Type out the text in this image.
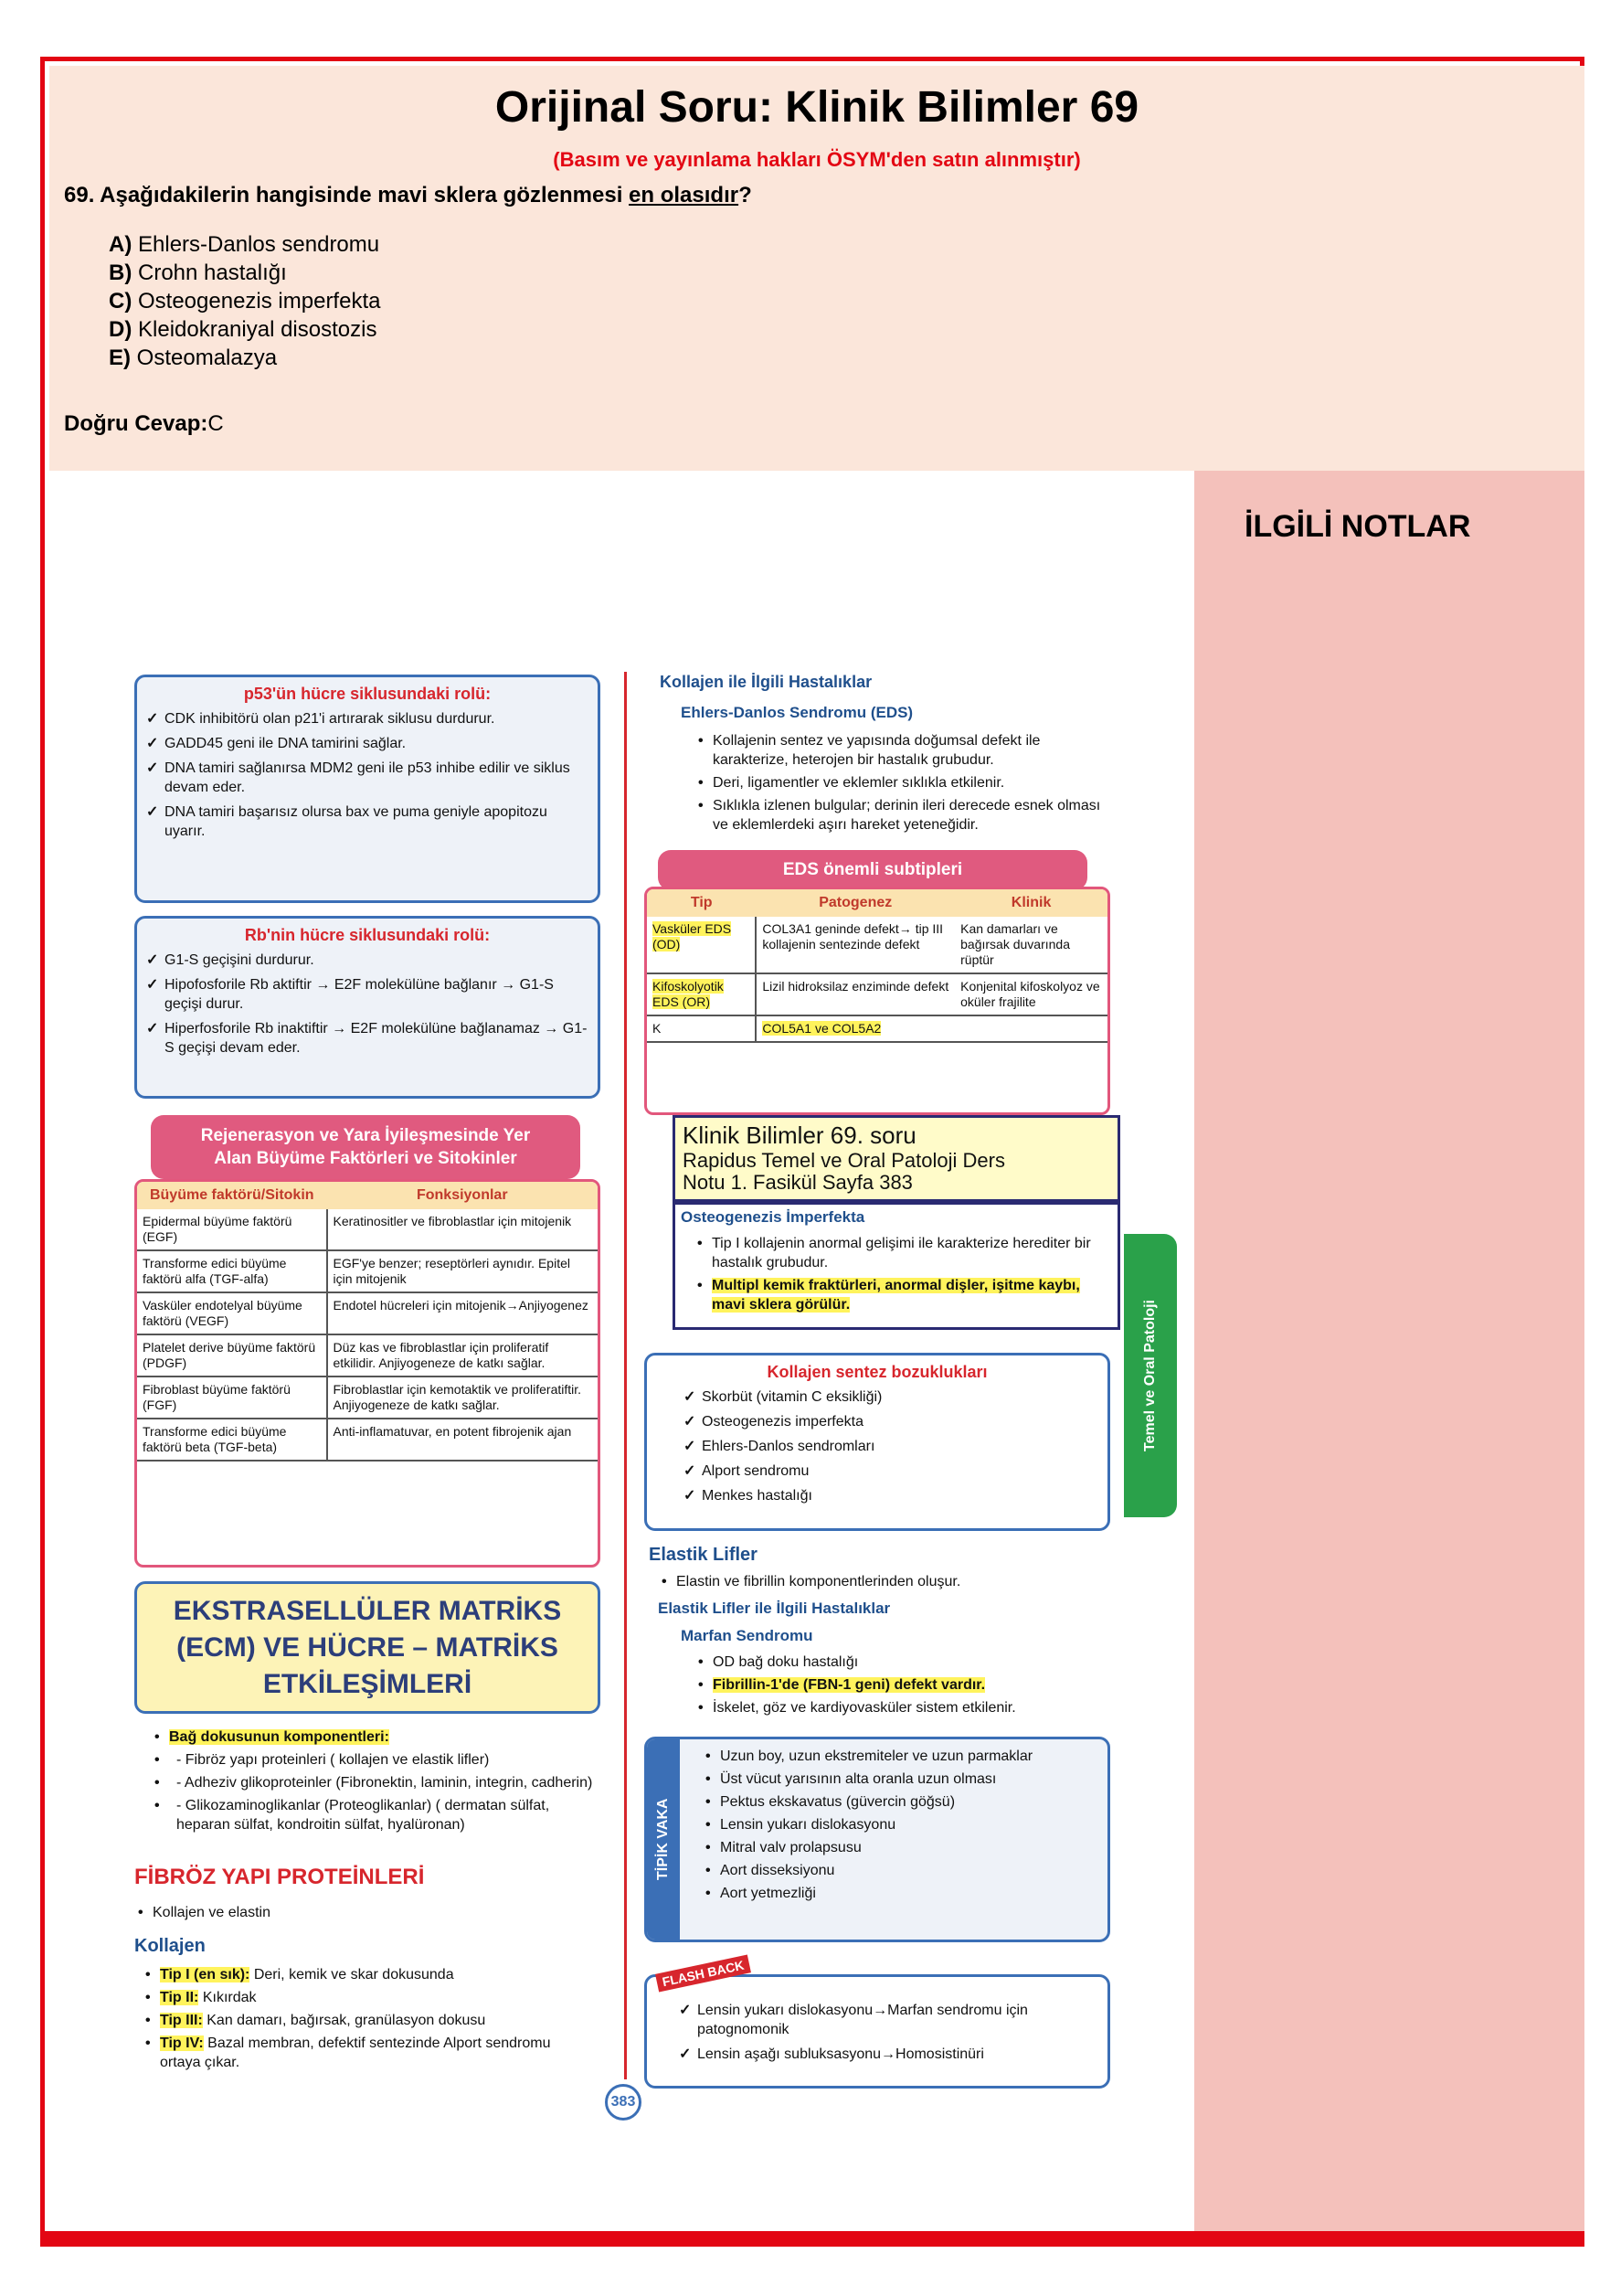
Orijinal Soru: Klinik Bilimler 69
(Basım ve yayınlama hakları ÖSYM'den satın alınmıştır)
69. Aşağıdakilerin hangisinde mavi sklera gözlenmesi en olasıdır?
A) Ehlers-Danlos sendromu
B) Crohn hastalığı
C) Osteogenezis imperfekta
D) Kleidokraniyal disostozis
E) Osteomalazya
Doğru Cevap:C
İLGİLİ NOTLAR
p53'ün hücre siklusundaki rolü:
✓ CDK inhibitörü olan p21'i artırarak siklusu durdurur.
✓ GADD45 geni ile DNA tamirini sağlar.
✓ DNA tamiri sağlanırsa MDM2 geni ile p53 inhibe edilir ve siklus devam eder.
✓ DNA tamiri başarısız olursa bax ve puma geniyle apopitozu uyarır.
Rb'nin hücre siklusundaki rolü:
✓ G1-S geçişini durdurur.
✓ Hipofosforile Rb aktiftir → E2F molekülüne bağlanır → G1-S geçişi durur.
✓ Hiperfosforile Rb inaktiftir → E2F molekülüne bağlanamaz → G1-S geçişi devam eder.
Rejenerasyon ve Yara İyileşmesinde Yer
Alan Büyüme Faktörleri ve Sitokinler
Büyüme faktörü/Sitokin	Fonksiyonlar
Epidermal büyüme faktörü (EGF)	Keratinositler ve fibroblastlar için mitojenik
Transforme edici büyüme faktörü alfa (TGF-alfa)	EGF'ye benzer; reseptörleri aynıdır. Epitel için mitojenik
Vasküler endotelyal büyüme faktörü (VEGF)	Endotel hücreleri için mitojenik→Anjiyogenez
Platelet derive büyüme faktörü (PDGF)	Düz kas ve fibroblastlar için proliferatif etkilidir. Anjiyogeneze de katkı sağlar.
Fibroblast büyüme faktörü (FGF)	Fibroblastlar için kemotaktik ve proliferatiftir. Anjiyogeneze de katkı sağlar.
Transforme edici büyüme faktörü beta (TGF-beta)	Anti-inflamatuvar, en potent fibrojenik ajan
EKSTRASELLÜLER MATRİKS
(ECM) VE HÜCRE – MATRİKS
ETKİLEŞİMLERİ
• Bağ dokusunun komponentleri:
• - Fibröz yapı proteinleri ( kollajen ve elastik lifler)
• - Adheziv glikoproteinler (Fibronektin, laminin, integrin, cadherin)
• - Glikozaminoglikanlar (Proteoglikanlar) ( dermatan sülfat, heparan sülfat, kondroitin sülfat, hyalüronan)
FİBRÖZ YAPI PROTEİNLERİ
• Kollajen ve elastin
Kollajen
• Tip I (en sık): Deri, kemik ve skar dokusunda
• Tip II: Kıkırdak
• Tip III: Kan damarı, bağırsak, granülasyon dokusu
• Tip IV: Bazal membran, defektif sentezinde Alport sendromu ortaya çıkar.
Kollajen ile İlgili Hastalıklar
Ehlers-Danlos Sendromu (EDS)
• Kollajenin sentez ve yapısında doğumsal defekt ile karakterize, heterojen bir hastalık grubudur.
• Deri, ligamentler ve eklemler sıklıkla etkilenir.
• Sıklıkla izlenen bulgular; derinin ileri derecede esnek olması ve eklemlerdeki aşırı hareket yeteneğidir.
EDS önemli subtipleri
Tip	Patogenez	Klinik
Vasküler EDS (OD)	COL3A1 geninde defekt→ tip III kollajenin sentezinde defekt	Kan damarları ve bağırsak duvarında rüptür
Kifoskolyotik EDS (OR)	Lizil hidroksilaz enziminde defekt	Konjenital kifoskolyoz ve oküler frajilite
K	COL5A1 ve COL5A2	
Klinik Bilimler 69. soru
Rapidus Temel ve Oral Patoloji Ders
Notu 1. Fasikül Sayfa 383
Osteogenezis İmperfekta
• Tip I kollajenin anormal gelişimi ile karakterize herediter bir hastalık grubudur.
• Multipl kemik fraktürleri, anormal dişler, işitme kaybı, mavi sklera görülür.
Kollajen sentez bozuklukları
✓ Skorbüt (vitamin C eksikliği)
✓ Osteogenezis imperfekta
✓ Ehlers-Danlos sendromları
✓ Alport sendromu
✓ Menkes hastalığı
Elastik Lifler
• Elastin ve fibrillin komponentlerinden oluşur.
Elastik Lifler ile İlgili Hastalıklar
Marfan Sendromu
• OD bağ doku hastalığı
• Fibrillin-1'de (FBN-1 geni) defekt vardır.
• İskelet, göz ve kardiyovasküler sistem etkilenir.
TİPİK VAKA
• Uzun boy, uzun ekstremiteler ve uzun parmaklar
• Üst vücut yarısının alta oranla uzun olması
• Pektus ekskavatus (güvercin göğsü)
• Lensin yukarı dislokasyonu
• Mitral valv prolapsusu
• Aort disseksiyonu
• Aort yetmezliği
FLASH BACK
✓ Lensin yukarı dislokasyonu→Marfan sendromu için patognomonik
✓ Lensin aşağı subluksasyonu→Homosistinüri
Temel ve Oral Patoloji
383
